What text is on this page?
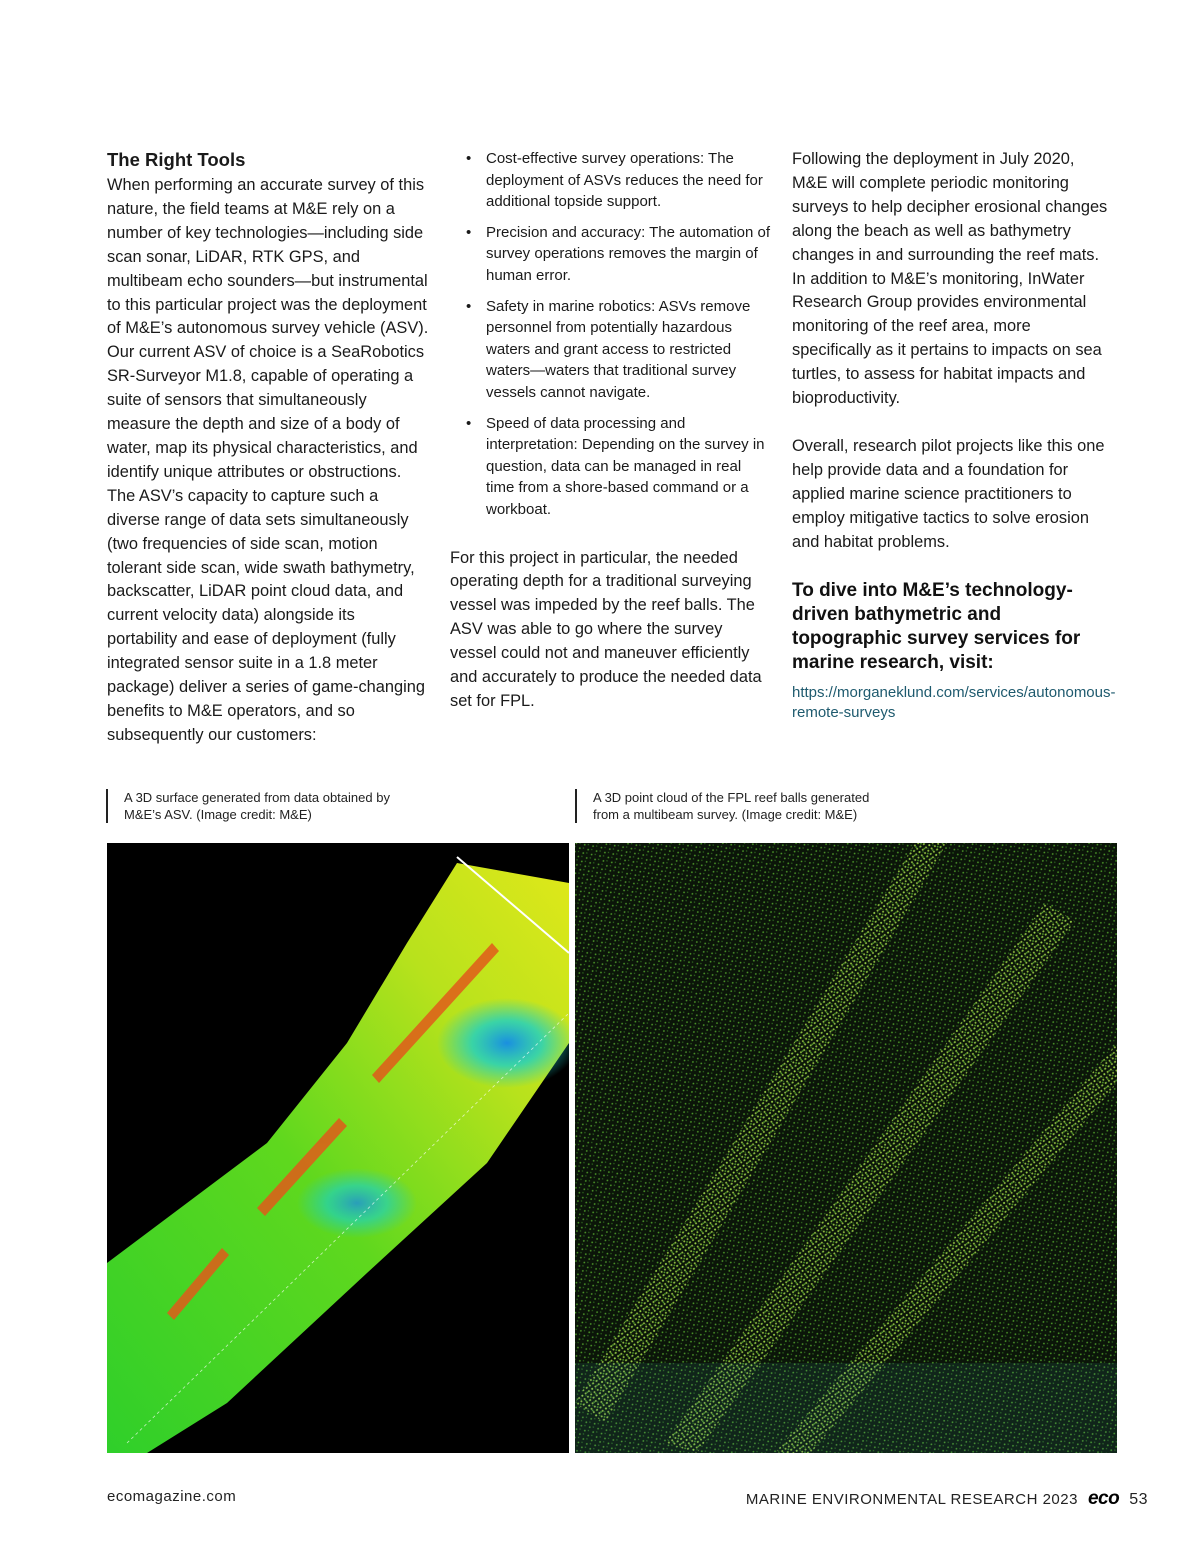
The Right Tools

When performing an accurate survey of this nature, the field teams at M&E rely on a number of key technologies—including side scan sonar, LiDAR, RTK GPS, and multibeam echo sounders—but instrumental to this particular project was the deployment of M&E’s autonomous survey vehicle (ASV). Our current ASV of choice is a SeaRobotics SR-Surveyor M1.8, capable of operating a suite of sensors that simultaneously measure the depth and size of a body of water, map its physical characteristics, and identify unique attributes or obstructions. The ASV’s capacity to capture such a diverse range of data sets simultaneously (two frequencies of side scan, motion tolerant side scan, wide swath bathymetry, backscatter, LiDAR point cloud data, and current velocity data) alongside its portability and ease of deployment (fully integrated sensor suite in a 1.8 meter package) deliver a series of game-changing benefits to M&E operators, and so subsequently our customers:

• Cost-effective survey operations: The deployment of ASVs reduces the need for additional topside support.
• Precision and accuracy: The automation of survey operations removes the margin of human error.
• Safety in marine robotics: ASVs remove personnel from potentially hazardous waters and grant access to restricted waters—waters that traditional survey vessels cannot navigate.
• Speed of data processing and interpretation: Depending on the survey in question, data can be managed in real time from a shore-based command or a workboat.

For this project in particular, the needed operating depth for a traditional surveying vessel was impeded by the reef balls. The ASV was able to go where the survey vessel could not and maneuver efficiently and accurately to produce the needed data set for FPL.

Following the deployment in July 2020, M&E will complete periodic monitoring surveys to help decipher erosional changes along the beach as well as bathymetry changes in and surrounding the reef mats. In addition to M&E’s monitoring, InWater Research Group provides environmental monitoring of the reef area, more specifically as it pertains to impacts on sea turtles, to assess for habitat impacts and bioproductivity.

Overall, research pilot projects like this one help provide data and a foundation for applied marine science practitioners to employ mitigative tactics to solve erosion and habitat problems.

To dive into M&E’s technology-driven bathymetric and topographic survey services for marine research, visit:

https://morganeklund.com/services/autonomous-remote-surveys

A 3D surface generated from data obtained by M&E’s ASV. (Image credit: M&E)
A 3D point cloud of the FPL reef balls generated from a multibeam survey. (Image credit: M&E)
ecomagazine.com	MARINE ENVIRONMENTAL RESEARCH 2023 eco 53
